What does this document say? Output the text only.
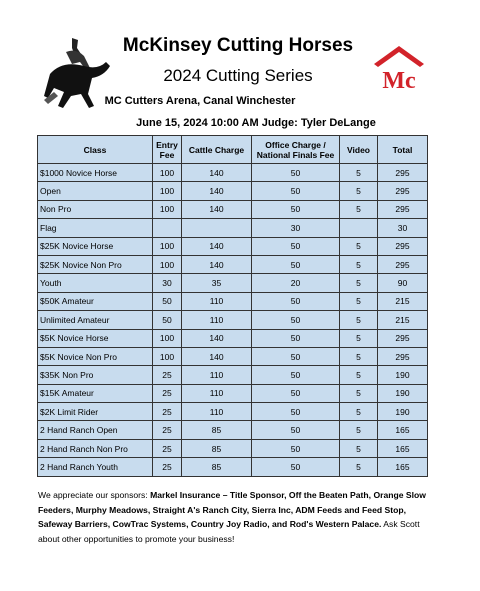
Mc
McKinsey Cutting Horses
2024 Cutting Series
MC Cutters Arena, Canal Winchester
June 15, 2024 10:00 AM Judge: Tyler DeLange
Class	Entry Fee	Cattle Charge	Office Charge / National Finals Fee	Video	Total
$1000 Novice Horse	100	140	50	5	295
Open	100	140	50	5	295
Non Pro	100	140	50	5	295
Flag			30		30
$25K Novice Horse	100	140	50	5	295
$25K Novice Non Pro	100	140	50	5	295
Youth	30	35	20	5	90
$50K Amateur	50	110	50	5	215
Unlimited Amateur	50	110	50	5	215
$5K Novice Horse	100	140	50	5	295
$5K Novice Non Pro	100	140	50	5	295
$35K Non Pro	25	110	50	5	190
$15K Amateur	25	110	50	5	190
$2K Limit Rider	25	110	50	5	190
2 Hand Ranch Open	25	85	50	5	165
2 Hand Ranch Non Pro	25	85	50	5	165
2 Hand Ranch Youth	25	85	50	5	165
We appreciate our sponsors: Markel Insurance – Title Sponsor, Off the Beaten Path, Orange Slow Feeders, Murphy Meadows, Straight A's Ranch City, Sierra Inc, ADM Feeds and Feed Stop, Safeway Barriers, CowTrac Systems, Country Joy Radio, and Rod's Western Palace. Ask Scott about other opportunities to promote your business!
